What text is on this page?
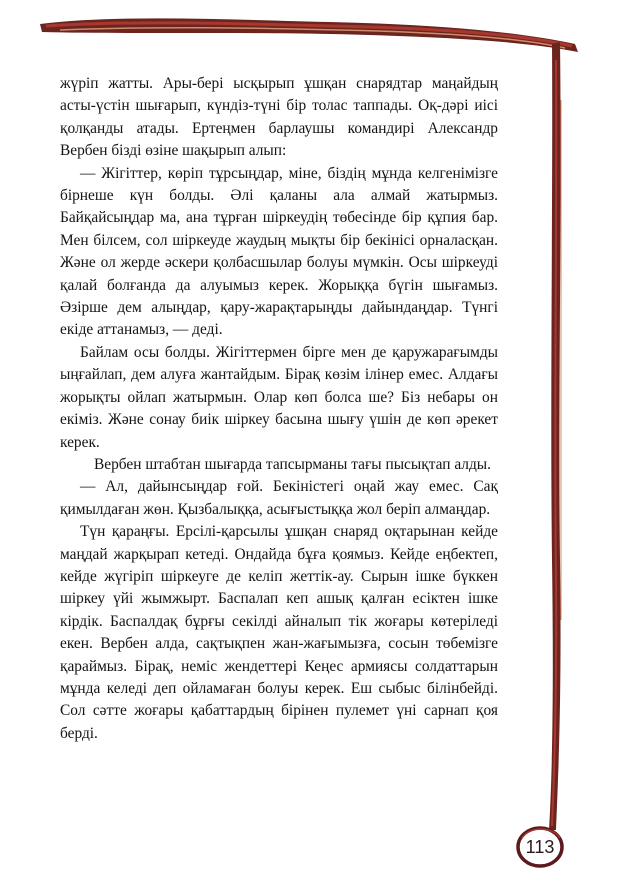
жүріп жатты. Ары-бері ысқырып ұшқан снарядтар маңайдың асты-үстін шығарып, күндіз-түні бір толас таппады. Оқ-дәрі иісі қолқанды атады. Ертеңмен барлаушы командирі Александр Вербен бізді өзіне шақырып алып:

— Жігіттер, көріп тұрсыңдар, міне, біздің мұнда келгенімізге бірнеше күн болды. Әлі қаланы ала алмай жатырмыз. Байқайсыңдар ма, ана тұрған шіркеудің төбесінде бір құпия бар. Мен білсем, сол шіркеуде жаудың мықты бір бекінісі орналасқан. Және ол жерде әскери қолбасшылар болуы мүмкін. Осы шіркеуді қалай болғанда да алуымыз керек. Жорыққа бүгін шығамыз. Әзірше дем алыңдар, қару-жарақтарыңды дайындаңдар. Түнгі екіде аттанамыз, — деді.

Байлам осы болды. Жігіттермен бірге мен де қаружарағымды ыңғайлап, дем алуға жантайдым. Бірақ көзім ілінер емес. Алдағы жорықты ойлап жатырмын. Олар көп болса ше? Біз небары он екіміз. Және сонау биік шіркеу басына шығу үшін де көп әрекет керек.

Вербен штабтан шығарда тапсырманы тағы пысықтап алды.

— Ал, дайынсыңдар ғой. Бекіністегі оңай жау емес. Сақ қимылдаған жөн. Қызбалыққа, асығыстыққа жол беріп алмаңдар.

Түн қараңғы. Ерсілі-қарсылы ұшқан снаряд оқтарынан кейде маңдай жарқырап кетеді. Ондайда бұға қоямыз. Кейде еңбектеп, кейде жүгіріп шіркеуге де келіп жеттік-ау. Сырын ішке бүккен шіркеу үйі жымжырт. Баспалап кеп ашық қалған есіктен ішке кірдік. Баспалдақ бұрғы секілді айналып тік жоғары көтеріледі екен. Вербен алда, сақтықпен жан-жағымызға, сосын төбемізге қараймыз. Бірақ, неміс жендеттері Кеңес армиясы солдаттарын мұнда келеді деп ойламаған болуы керек. Еш сыбыс білінбейді. Сол сәтте жоғары қабаттардың бірінен пулемет үні сарнап қоя берді.

113
